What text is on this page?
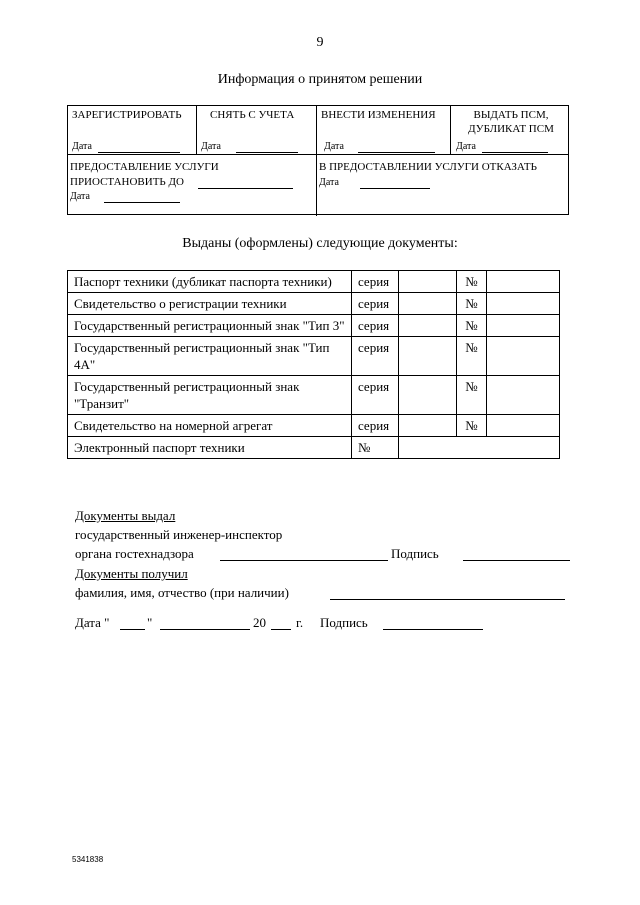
9
Информация о принятом решении
ЗАРЕГИСТРИРОВАТЬ
Дата
СНЯТЬ С УЧЕТА
Дата
ВНЕСТИ ИЗМЕНЕНИЯ
Дата
ВЫДАТЬ ПСМ,
ДУБЛИКАТ ПСМ
Дата
ПРЕДОСТАВЛЕНИЕ УСЛУГИ
ПРИОСТАНОВИТЬ ДО
Дата
В ПРЕДОСТАВЛЕНИИ УСЛУГИ ОТКАЗАТЬ
Дата
Выданы (оформлены) следующие документы:
Паспорт техники (дубликат паспорта техники)	серия		№	
Свидетельство о регистрации техники	серия		№	
Государственный регистрационный знак "Тип 3"	серия		№	
Государственный регистрационный знак "Тип 4А"	серия		№	
Государственный регистрационный знак "Транзит"	серия		№	
Свидетельство на номерной агрегат	серия		№	
Электронный паспорт техники	№			
Документы выдал
государственный инженер-инспектор
органа гостехнадзора	Подпись
Документы получил
фамилия, имя, отчество (при наличии)
Дата "	"	20 г. Подпись
5341838
